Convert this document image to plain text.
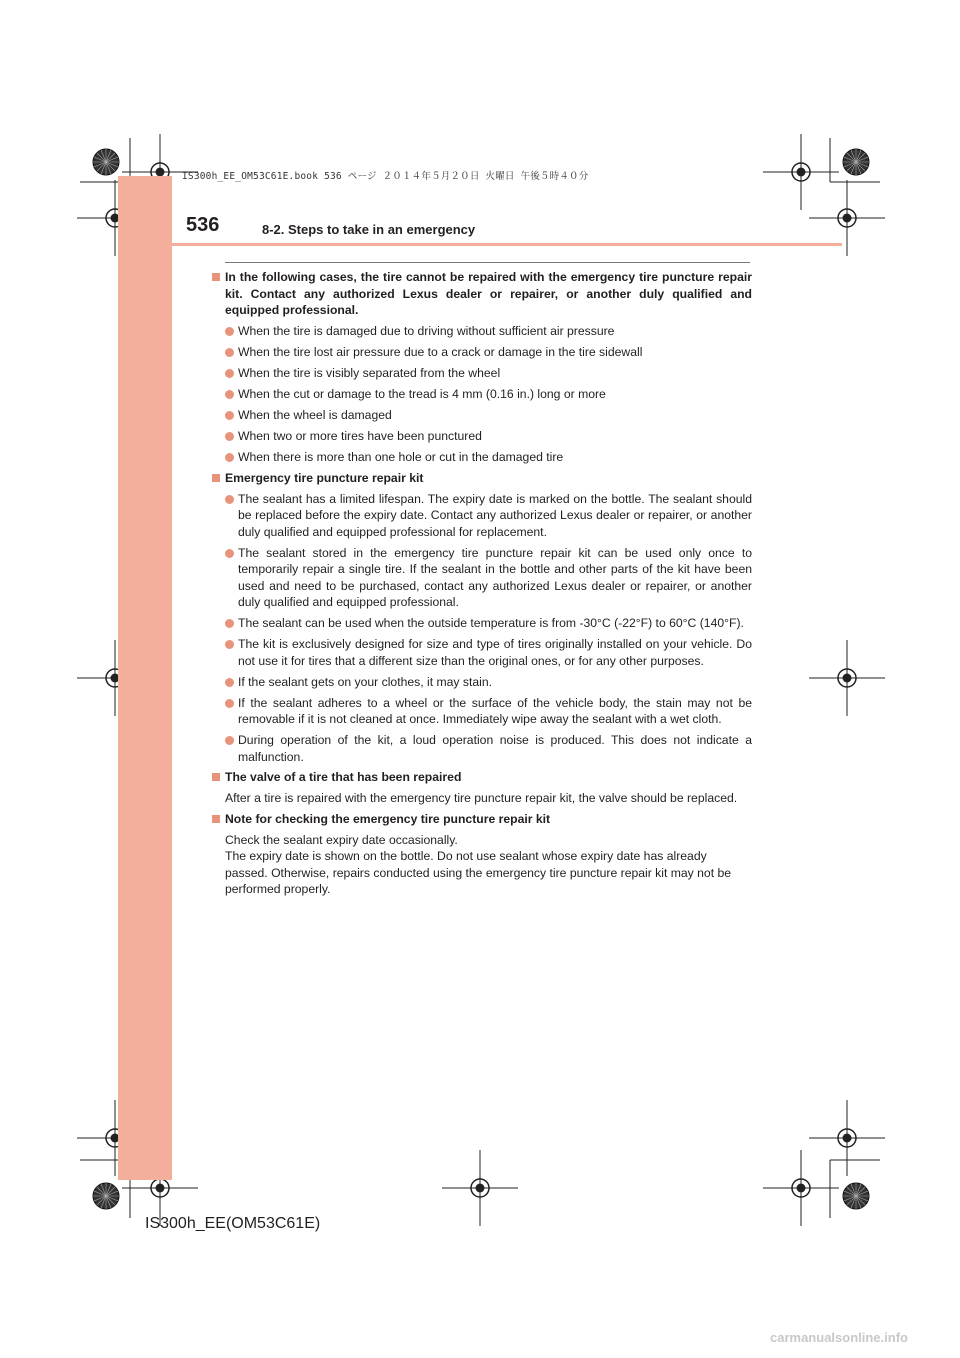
IS300h_EE_OM53C61E.book 536 ページ ２０１４年５月２０日 火曜日 午後５時４０分
536	8-2. Steps to take in an emergency
In the following cases, the tire cannot be repaired with the emergency tire puncture repair kit. Contact any authorized Lexus dealer or repairer, or another duly qualified and equipped professional.
When the tire is damaged due to driving without sufficient air pressure
When the tire lost air pressure due to a crack or damage in the tire sidewall
When the tire is visibly separated from the wheel
When the cut or damage to the tread is 4 mm (0.16 in.) long or more
When the wheel is damaged
When two or more tires have been punctured
When there is more than one hole or cut in the damaged tire
Emergency tire puncture repair kit
The sealant has a limited lifespan. The expiry date is marked on the bottle. The sealant should be replaced before the expiry date. Contact any authorized Lexus dealer or repairer, or another duly qualified and equipped professional for replacement.
The sealant stored in the emergency tire puncture repair kit can be used only once to temporarily repair a single tire. If the sealant in the bottle and other parts of the kit have been used and need to be purchased, contact any authorized Lexus dealer or repairer, or another duly qualified and equipped professional.
The sealant can be used when the outside temperature is from -30°C (-22°F) to 60°C (140°F).
The kit is exclusively designed for size and type of tires originally installed on your vehicle. Do not use it for tires that a different size than the original ones, or for any other purposes.
If the sealant gets on your clothes, it may stain.
If the sealant adheres to a wheel or the surface of the vehicle body, the stain may not be removable if it is not cleaned at once. Immediately wipe away the sealant with a wet cloth.
During operation of the kit, a loud operation noise is produced. This does not indicate a malfunction.
The valve of a tire that has been repaired
After a tire is repaired with the emergency tire puncture repair kit, the valve should be replaced.
Note for checking the emergency tire puncture repair kit
Check the sealant expiry date occasionally.
The expiry date is shown on the bottle. Do not use sealant whose expiry date has already passed. Otherwise, repairs conducted using the emergency tire puncture repair kit may not be performed properly.
IS300h_EE(OM53C61E)
carmanualsonline.info
